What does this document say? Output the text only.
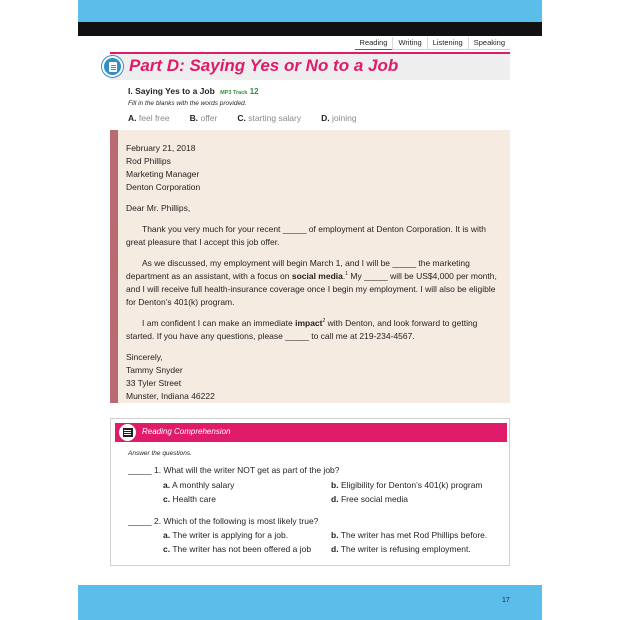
Reading	Writing	Listening	Speaking
Part D: Saying Yes or No to a Job
I. Saying Yes to a Job MP3 Track 12
Fill in the blanks with the words provided.
A. feel free B. offer C. starting salary D. joining

February 21, 2018

Rod Phillips

Marketing Manager

Denton Corporation

Dear Mr. Phillips,

Thank you very much for your recent _____ of employment at Denton Corporation. It is with great pleasure that I accept this job offer.

As we discussed, my employment will begin March 1, and I will be _____ the marketing department as an assistant, with a focus on social media.$^1$ My _____ will be US$4,000 per month, and I will receive full health-insurance coverage once I begin my employment. I will also be eligible for Denton’s 401(k) program.

I am confident I can make an immediate impact$^2$ with Denton, and look forward to getting started. If you have any questions, please _____ to call me at 219-234-4567.

Sincerely,

Tammy Snyder

33 Tyler Street

Munster, Indiana 46222

Reading Comprehension
Answer the questions.
_____ 1. What will the writer NOT get as part of the job?
a. A monthly salary	b. Eligibility for Denton’s 401(k) program
c. Health care	d. Free social media
_____ 2. Which of the following is most likely true?
a. The writer is applying for a job.	b. The writer has met Rod Phillips before.
c. The writer has not been offered a job d. The writer is refusing employment.
17
